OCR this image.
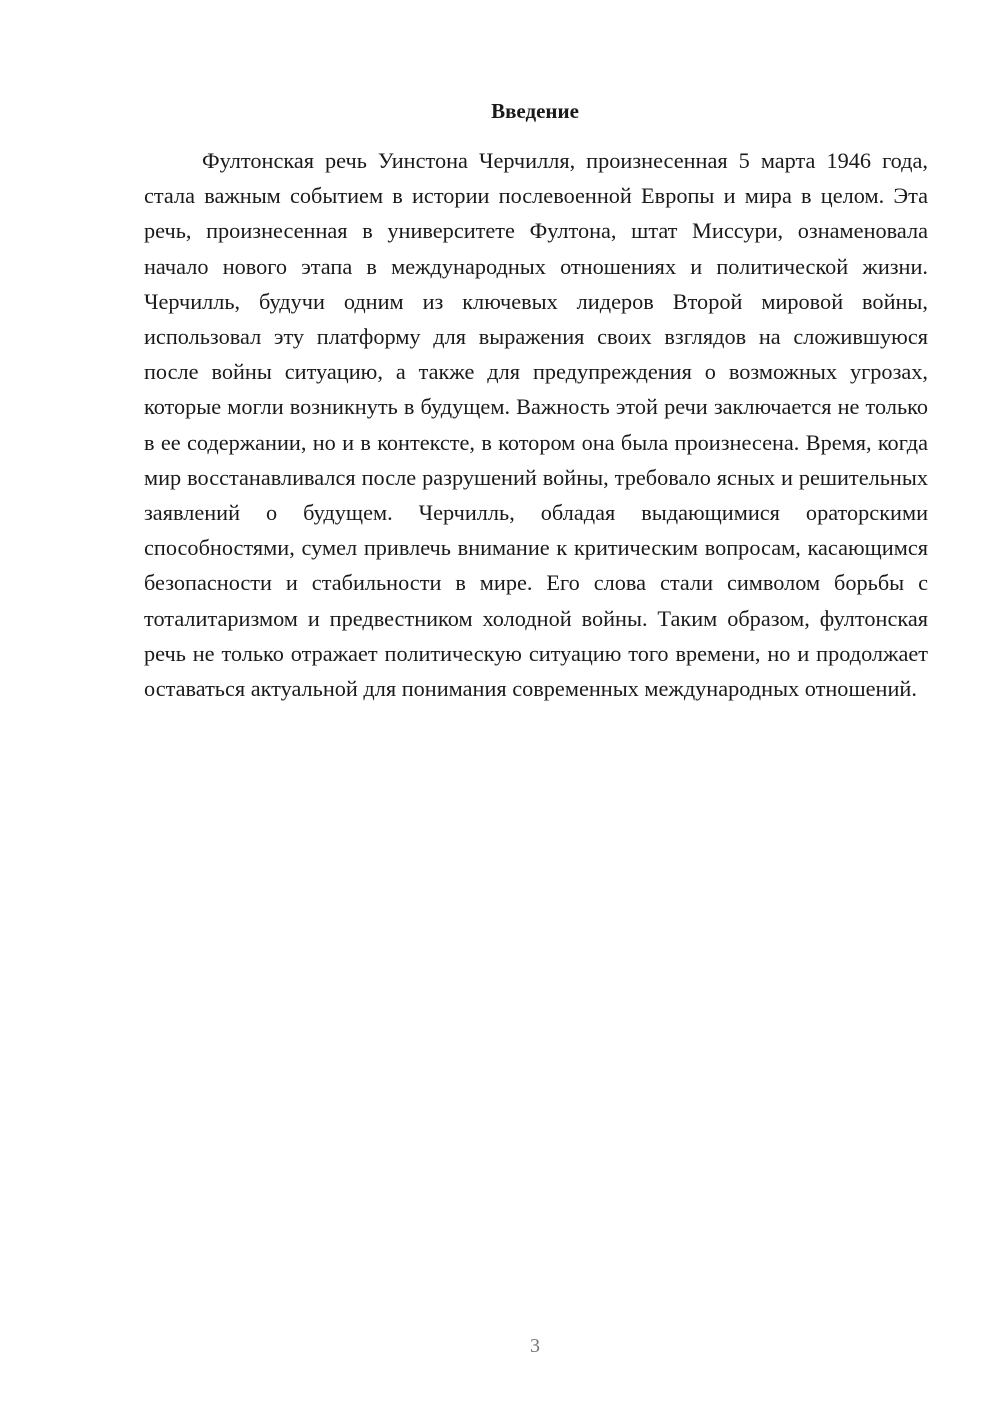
Введение

Фултонская речь Уинстона Черчилля, произнесенная 5 марта 1946 года, стала важным событием в истории послевоенной Европы и мира в целом. Эта речь, произнесенная в университете Фултона, штат Миссури, ознаменовала начало нового этапа в международных отношениях и политической жизни. Черчилль, будучи одним из ключевых лидеров Второй мировой войны, использовал эту платформу для выражения своих взглядов на сложившуюся после войны ситуацию, а также для предупреждения о возможных угрозах, которые могли возникнуть в будущем. Важность этой речи заключается не только в ее содержании, но и в контексте, в котором она была произнесена. Время, когда мир восстанавливался после разрушений войны, требовало ясных и решительных заявлений о будущем. Черчилль, обладая выдающимися ораторскими способностями, сумел привлечь внимание к критическим вопросам, касающимся безопасности и стабильности в мире. Его слова стали символом борьбы с тоталитаризмом и предвестником холодной войны. Таким образом, фултонская речь не только отражает политическую ситуацию того времени, но и продолжает оставаться актуальной для понимания современных международных отношений.

3
